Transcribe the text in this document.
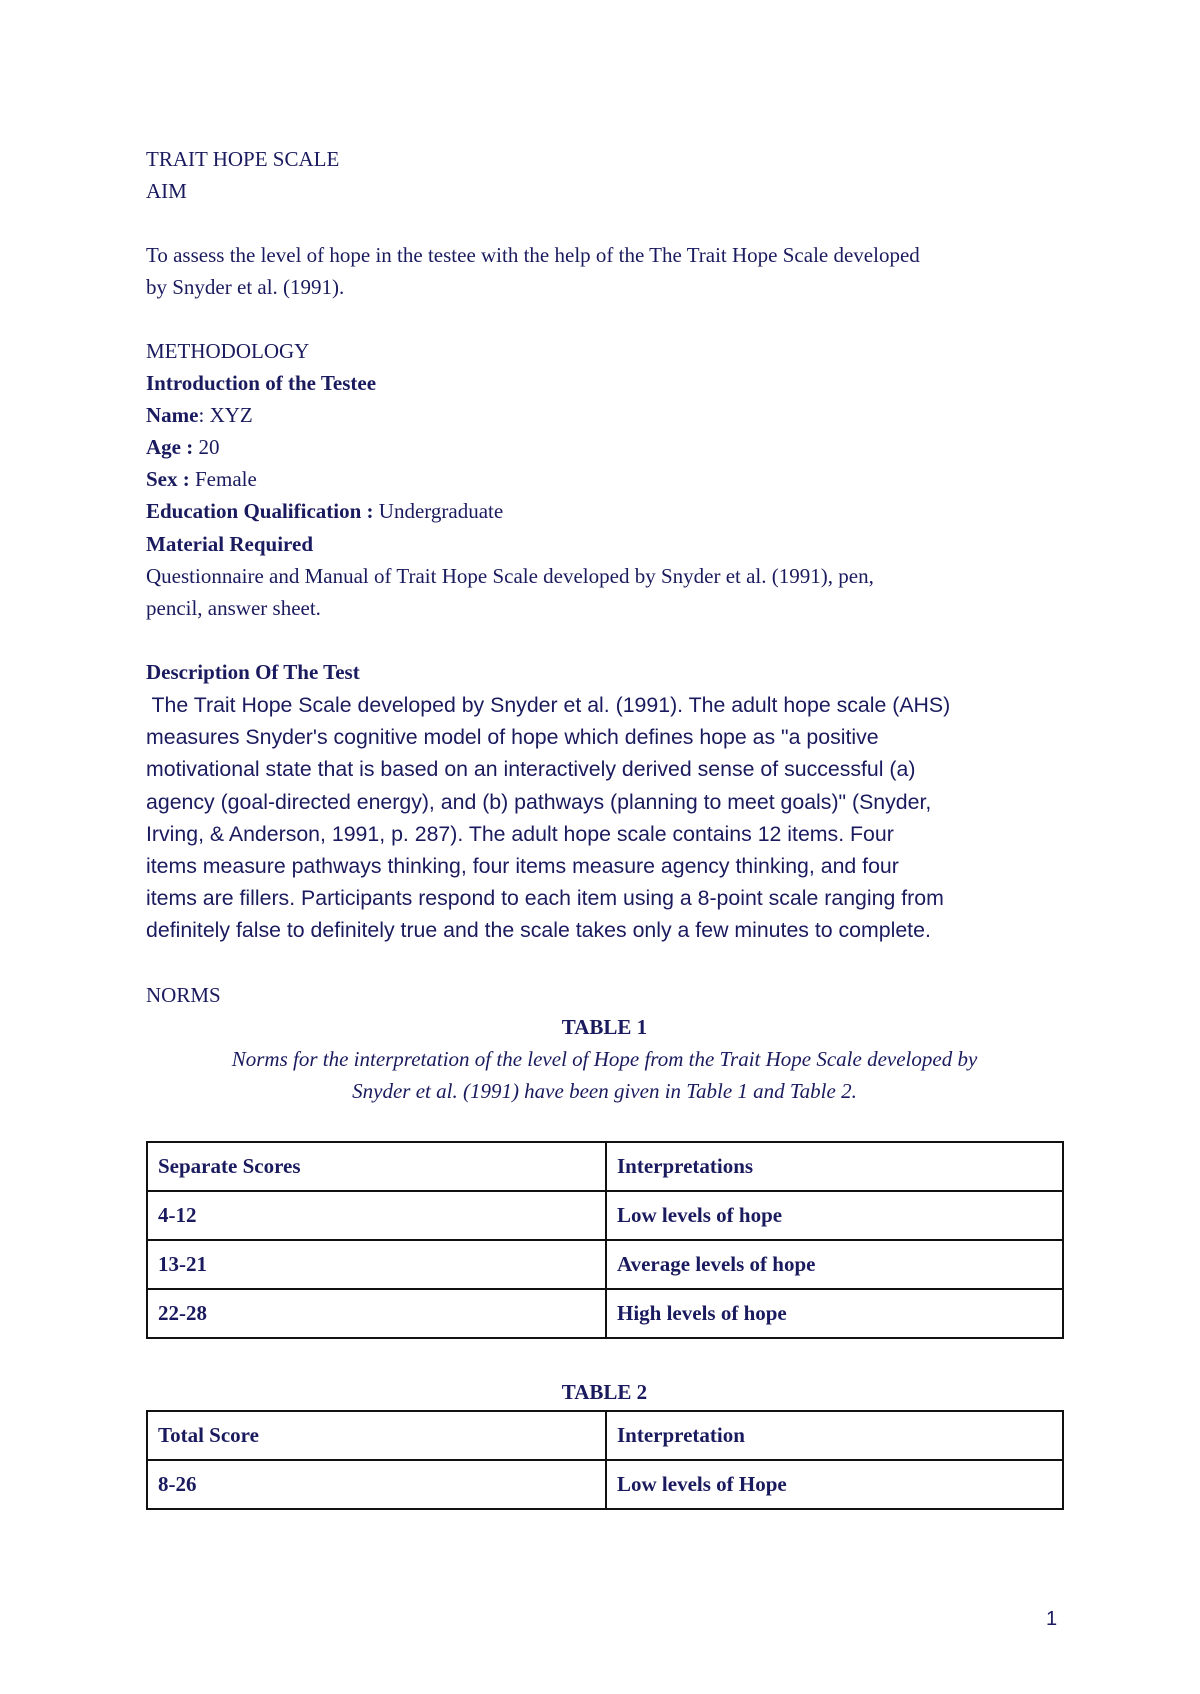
TRAIT HOPE SCALE
AIM
To assess the level of hope in the testee with the help of the The Trait Hope Scale developed
by Snyder et al. (1991).
METHODOLOGY
Introduction of the Testee
Name: XYZ
Age : 20
Sex : Female
Education Qualification : Undergraduate
Material Required
Questionnaire and Manual of Trait Hope Scale developed by Snyder et al. (1991), pen,
pencil, answer sheet.
Description Of The Test
The Trait Hope Scale developed by Snyder et al. (1991). The adult hope scale (AHS)
measures Snyder's cognitive model of hope which defines hope as "a positive
motivational state that is based on an interactively derived sense of successful (a)
agency (goal-directed energy), and (b) pathways (planning to meet goals)" (Snyder,
Irving, & Anderson, 1991, p. 287). The adult hope scale contains 12 items. Four
items measure pathways thinking, four items measure agency thinking, and four
items are fillers. Participants respond to each item using a 8-point scale ranging from
definitely false to definitely true and the scale takes only a few minutes to complete.
NORMS
TABLE 1
Norms for the interpretation of the level of Hope from the Trait Hope Scale developed by
Snyder et al. (1991) have been given in Table 1 and Table 2.
Separate Scores	Interpretations
4-12	Low levels of hope
13-21	Average levels of hope
22-28	High levels of hope
TABLE 2
Total Score	Interpretation
8-26	Low levels of Hope
1
